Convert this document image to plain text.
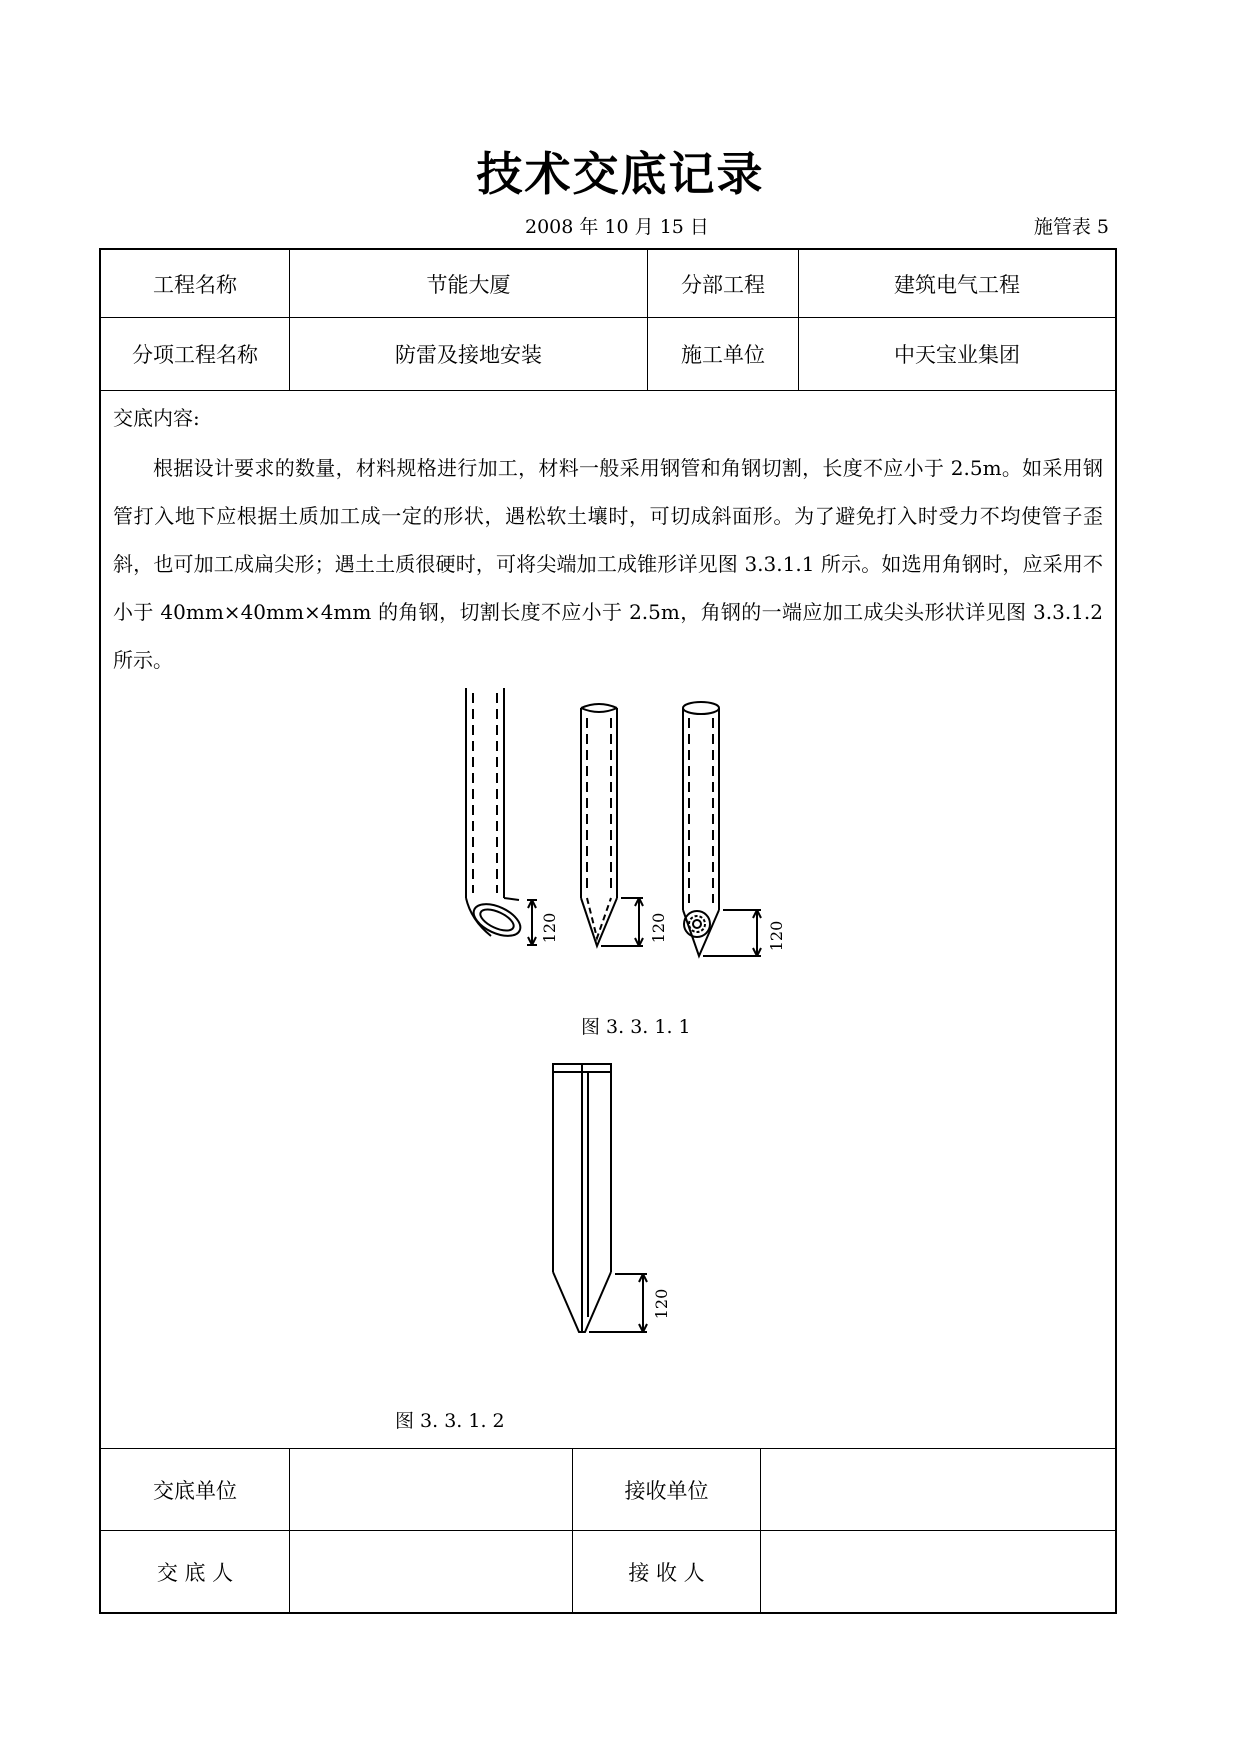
技术交底记录
2008 年 10 月 15 日	施管表 5
工程名称	节能大厦	分部工程	建筑电气工程
分项工程名称	防雷及接地安装	施工单位	中天宝业集团
交底内容:

根据设计要求的数量，材料规格进行加工，材料一般采用钢管和角钢切割，长度不应小于 2.5m。如采用钢管打入地下应根据土质加工成一定的形状，遇松软土壤时，可切成斜面形。为了避免打入时受力不均使管子歪斜，也可加工成扁尖形；遇土土质很硬时，可将尖端加工成锥形详见图 3.3.1.1 所示。如选用角钢时，应采用不小于 40mm×40mm×4mm 的角钢，切割长度不应小于 2.5m，角钢的一端应加工成尖头形状详见图 3.3.1.2 所示。

120	120	120
图 3. 3. 1. 1
120
图 3. 3. 1. 2
交底单位	接收单位
交 底 人	接 收 人
